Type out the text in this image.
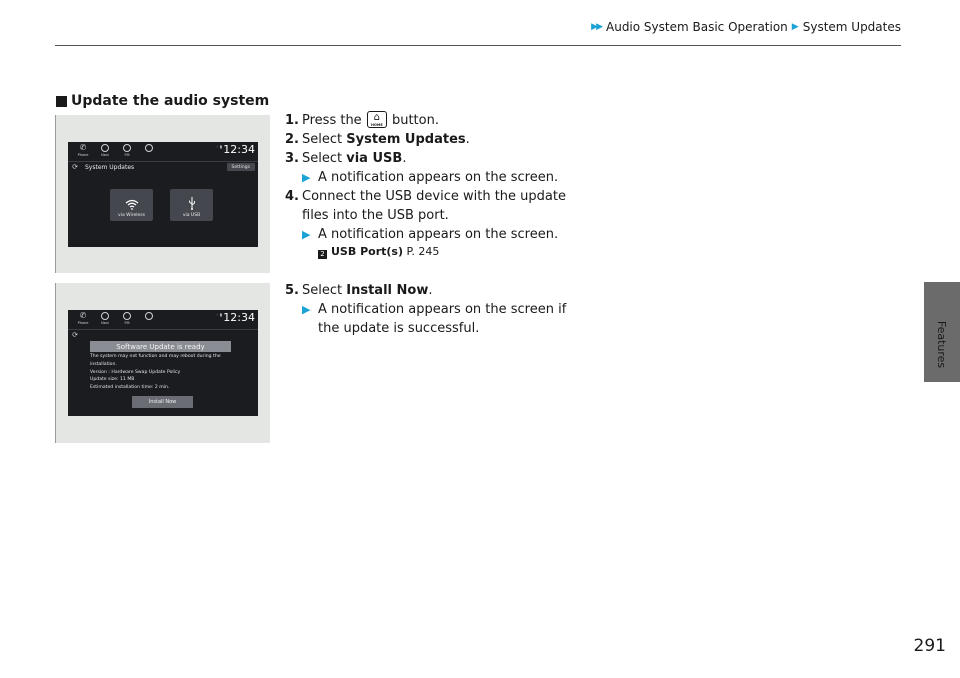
▶▶ Audio System Basic Operation ▶ System Updates
Features
Update the audio system
✆
Phone	Navi	FM
◦ ▮ 12:34
⟳	System Updates	Settings
via Wireless	via USB
✆
Phone	Navi	FM
◦ ▮ 12:34
⟳
Software Update is ready
The system may not function and may reboot during the
installation.
Version : Hardware Swap Update Policy
Update size: 11 MB
Estimated installation time: 2 min.
Install Now
1. Press the ⌂
HOME button.
2. Select System Updates.
3. Select via USB.
▶ A notification appears on the screen.
4. Connect the USB device with the update
files into the USB port.
▶ A notification appears on the screen.
2 USB Port(s) P. 245
5. Select Install Now.
▶ A notification appears on the screen if
the update is successful.
291
